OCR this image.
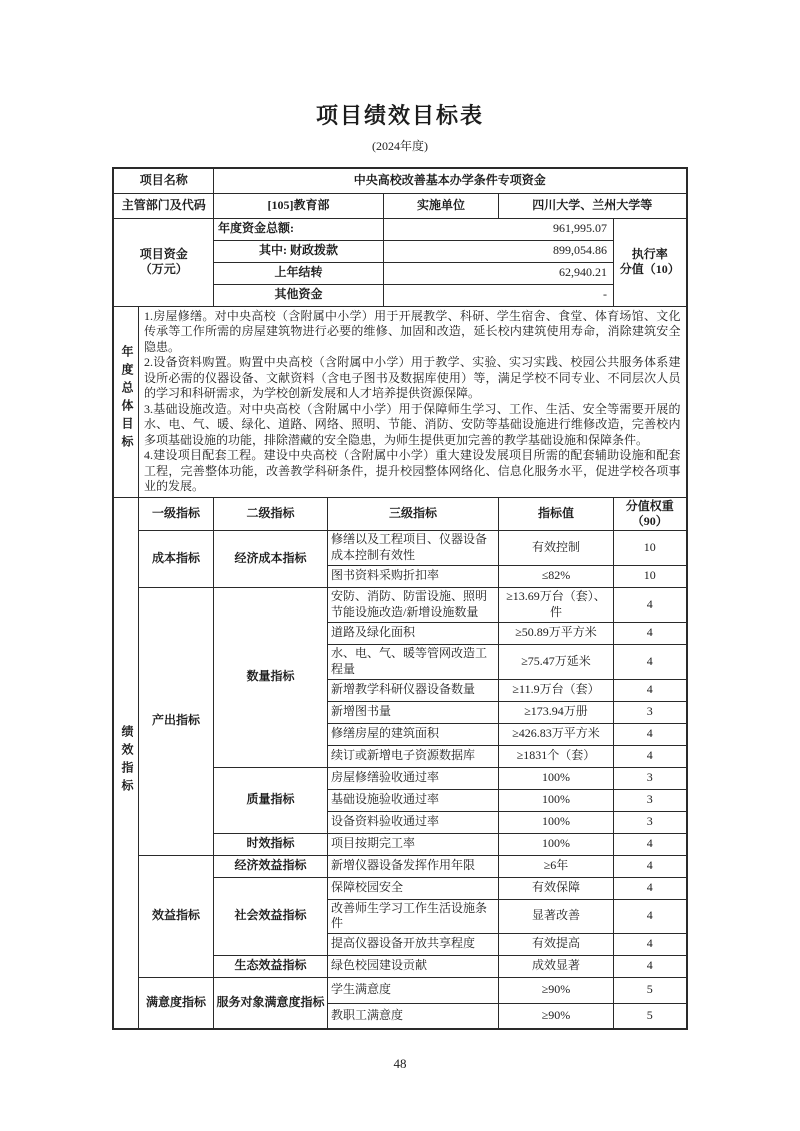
项目绩效目标表
(2024年度)
项目名称		中央高校改善基本办学条件专项资金				
主管部门及代码		[105]教育部		实施单位	四川大学、兰州大学等	

项目资金
（万元）		年度资金总额:		961,995.07		执行率
分值（10）

		其中: 财政拨款		899,054.86		
		上年结转		62,940.21		
		其他资金		-		
年度总体目标	1.房屋修缮。对中央高校（含附属中小学）用于开展教学、科研、学生宿舍、食堂、体育场馆、文化传承等工作所需的房屋建筑物进行必要的维修、加固和改造，延长校内建筑使用寿命，消除建筑安全隐患。

2.设备资料购置。购置中央高校（含附属中小学）用于教学、实验、实习实践、校园公共服务体系建设所必需的仪器设备、文献资料（含电子图书及数据库使用）等，满足学校不同专业、不同层次人员的学习和科研需求，为学校创新发展和人才培养提供资源保障。

3.基础设施改造。对中央高校（含附属中小学）用于保障师生学习、工作、生活、安全等需要开展的水、电、气、暖、绿化、道路、网络、照明、节能、消防、安防等基础设施进行维修改造，完善校内多项基础设施的功能，排除潜藏的安全隐患，为师生提供更加完善的教学基础设施和保障条件。

4.建设项目配套工程。建设中央高校（含附属中小学）重大建设发展项目所需的配套辅助设施和配套工程，完善整体功能，改善教学科研条件，提升校园整体网络化、信息化服务水平，促进学校各项事业的发展。					

绩效指标	一级指标	二级指标	三级指标		指标值	分值权重
（90）

	成本指标	经济成本指标	修缮以及工程项目、仪器设备成本控制有效性		有效控制	10
			图书资料采购折扣率		≤82%	10
	产出指标	数量指标	安防、消防、防雷设施、照明节能设施改造/新增设施数量		≥13.69万台（套）、件	4
			道路及绿化面积		≥50.89万平方米	4
			水、电、气、暖等管网改造工程量		≥75.47万延米	4
			新增教学科研仪器设备数量		≥11.9万台（套）	4
			新增图书量		≥173.94万册	3
			修缮房屋的建筑面积		≥426.83万平方米	4
			续订或新增电子资源数据库		≥1831个（套）	4
		质量指标	房屋修缮验收通过率		100%	3
			基础设施验收通过率		100%	3
			设备资料验收通过率		100%	3
		时效指标	项目按期完工率		100%	4
	效益指标	经济效益指标	新增仪器设备发挥作用年限		≥6年	4
		社会效益指标	保障校园安全		有效保障	4
			改善师生学习工作生活设施条件		显著改善	4
			提高仪器设备开放共享程度		有效提高	4
		生态效益指标	绿色校园建设贡献		成效显著	4
	满意度指标	服务对象满意度指标	学生满意度		≥90%	5
			教职工满意度		≥90%	5
48
